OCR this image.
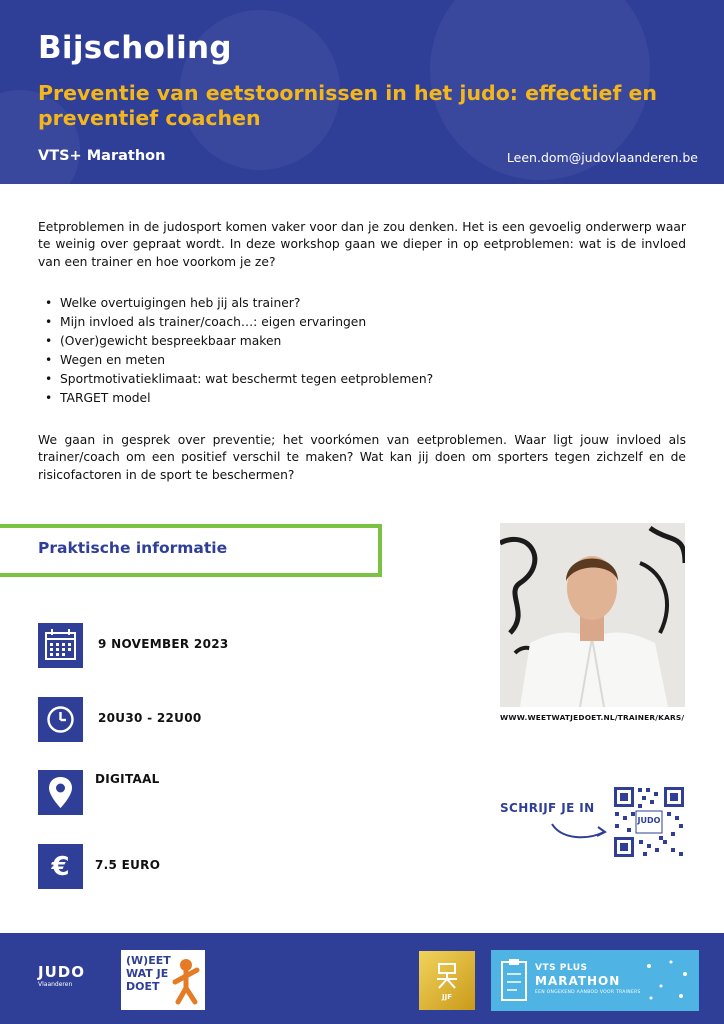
Bijscholing
Preventie van eetstoornissen in het judo: effectief en preventief coachen
VTS+ Marathon	Leen.dom@judovlaanderen.be
Eetproblemen in de judosport komen vaker voor dan je zou denken. Het is een gevoelig onderwerp waar te weinig over gepraat wordt. In deze workshop gaan we dieper in op eetproblemen: wat is de invloed van een trainer en hoe voorkom je ze?
• Welke overtuigingen heb jij als trainer?
• Mijn invloed als trainer/coach…: eigen ervaringen
• (Over)gewicht bespreekbaar maken
• Wegen en meten
• Sportmotivatieklimaat: wat beschermt tegen eetproblemen?
• TARGET model
We gaan in gesprek over preventie; het voorkómen van eetproblemen. Waar ligt jouw invloed als trainer/coach om een positief verschil te maken? Wat kan jij doen om sporters tegen zichzelf en de risicofactoren in de sport te beschermen?
Praktische informatie
9 NOVEMBER 2023
20U30 - 22U00
DIGITAAL
€ 7.5 EURO
WWW.WEETWATJEDOET.NL/TRAINER/KARS/
SCHRIJF JE IN
JUDO
JUDO
Vlaanderen
(W)EET
WAT JE
DOET
JJF
VTS PLUS
MARATHON
EEN ONGEKEND AANBOD VOOR TRAINERS
